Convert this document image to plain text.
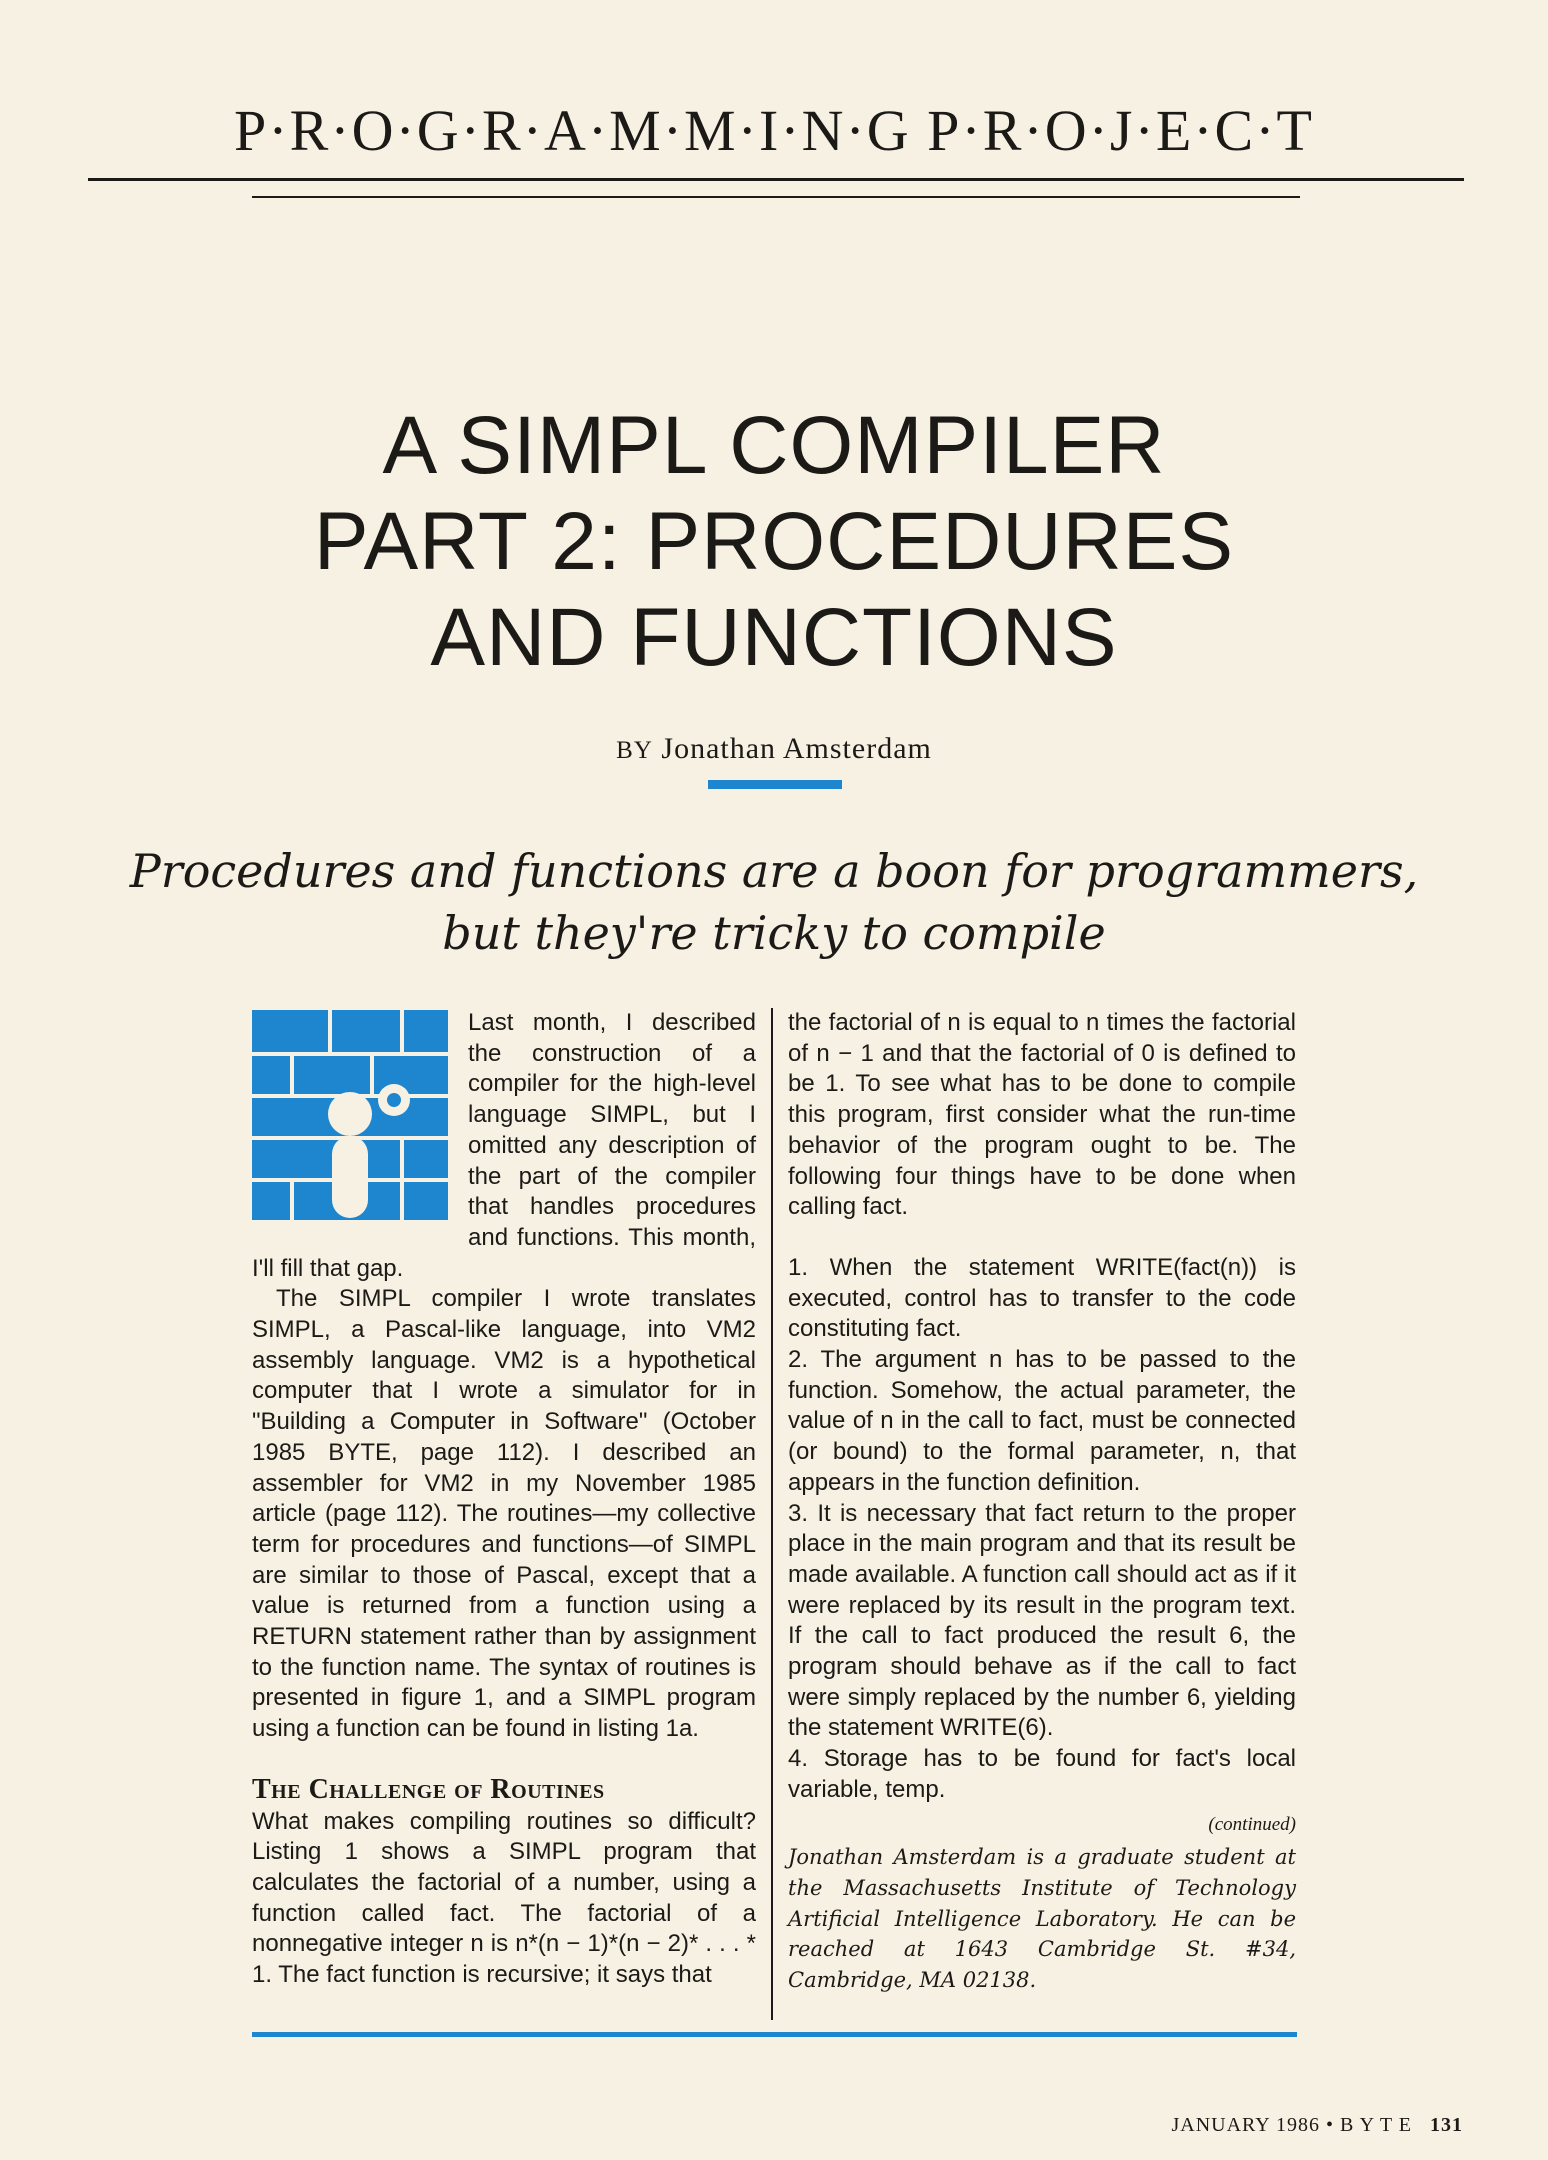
P·R·O·G·R·A·M·M·I·N·G P·R·O·J·E·C·T
A SIMPL COMPILER
PART 2: PROCEDURES
AND FUNCTIONS
BY Jonathan Amsterdam
Procedures and functions are a boon for programmers,
but they're tricky to compile

Last month, I described the construction of a compiler for the high-level language SIMPL, but I omitted any description of the part of the compiler that handles procedures and functions. This month, I'll fill that gap.

The SIMPL compiler I wrote translates SIMPL, a Pascal-like language, into VM2 assembly language. VM2 is a hypothetical computer that I wrote a simulator for in "Building a Computer in Software" (October 1985 BYTE, page 112). I described an assembler for VM2 in my November 1985 article (page 112). The routines—my collective term for procedures and functions—of SIMPL are similar to those of Pascal, except that a value is returned from a function using a RETURN statement rather than by assignment to the function name. The syntax of routines is presented in figure 1, and a SIMPL program using a function can be found in listing 1a.

The Challenge of Routines

What makes compiling routines so difficult? Listing 1 shows a SIMPL program that calculates the factorial of a number, using a function called fact. The factorial of a nonnegative integer n is n*(n − 1)*(n − 2)* . . . * 1. The fact function is recursive; it says that

the factorial of n is equal to n times the factorial of n − 1 and that the factorial of 0 is defined to be 1. To see what has to be done to compile this program, first consider what the run-time behavior of the program ought to be. The following four things have to be done when calling fact.

1. When the statement WRITE(fact(n)) is executed, control has to transfer to the code constituting fact.

2. The argument n has to be passed to the function. Somehow, the actual parameter, the value of n in the call to fact, must be connected (or bound) to the formal parameter, n, that appears in the function definition.

3. It is necessary that fact return to the proper place in the main program and that its result be made available. A function call should act as if it were replaced by its result in the program text. If the call to fact produced the result 6, the program should behave as if the call to fact were simply replaced by the number 6, yielding the statement WRITE(6).

4. Storage has to be found for fact's local variable, temp.

(continued)
Jonathan Amsterdam is a graduate student at the Massachusetts Institute of Technology Artificial Intelligence Laboratory. He can be reached at 1643 Cambridge St. #34, Cambridge, MA 02138.
JANUARY 1986 • B Y T E 131
